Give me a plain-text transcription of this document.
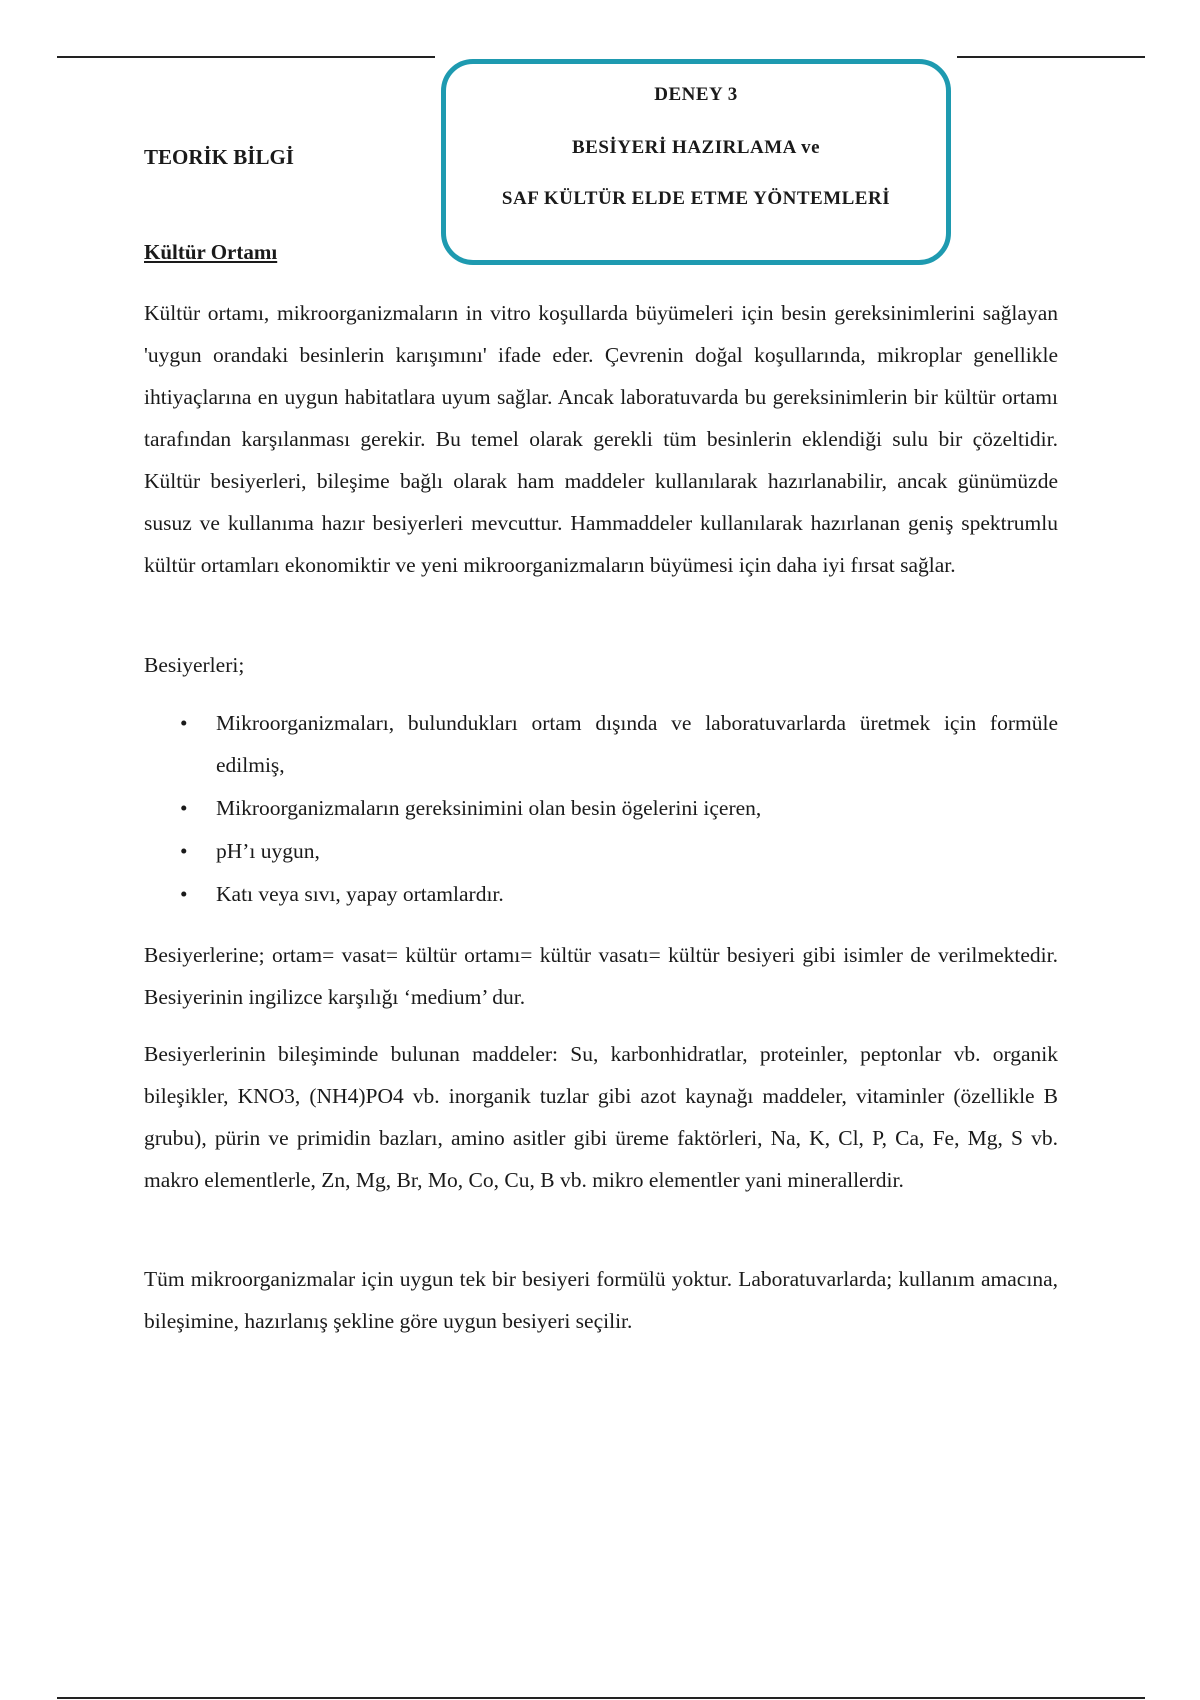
DENEY 3
BESİYERİ HAZIRLAMA ve
SAF KÜLTÜR ELDE ETME YÖNTEMLERİ
TEORİK BİLGİ
Kültür Ortamı
Kültür ortamı, mikroorganizmaların in vitro koşullarda büyümeleri için besin gereksinimlerini sağlayan 'uygun orandaki besinlerin karışımını' ifade eder. Çevrenin doğal koşullarında, mikroplar genellikle ihtiyaçlarına en uygun habitatlara uyum sağlar. Ancak laboratuvarda bu gereksinimlerin bir kültür ortamı tarafından karşılanması gerekir. Bu temel olarak gerekli tüm besinlerin eklendiği sulu bir çözeltidir. Kültür besiyerleri, bileşime bağlı olarak ham maddeler kullanılarak hazırlanabilir, ancak günümüzde susuz ve kullanıma hazır besiyerleri mevcuttur. Hammaddeler kullanılarak hazırlanan geniş spektrumlu kültür ortamları ekonomiktir ve yeni mikroorganizmaların büyümesi için daha iyi fırsat sağlar.
Besiyerleri;
• Mikroorganizmaları, bulundukları ortam dışında ve laboratuvarlarda üretmek için formüle edilmiş,
• Mikroorganizmaların gereksinimini olan besin ögelerini içeren,
• pH’ı uygun,
• Katı veya sıvı, yapay ortamlardır.
Besiyerlerine; ortam= vasat= kültür ortamı= kültür vasatı= kültür besiyeri gibi isimler de verilmektedir. Besiyerinin ingilizce karşılığı ‘medium’ dur.
Besiyerlerinin bileşiminde bulunan maddeler: Su, karbonhidratlar, proteinler, peptonlar vb. organik bileşikler, KNO3, (NH4)PO4 vb. inorganik tuzlar gibi azot kaynağı maddeler, vitaminler (özellikle B grubu), pürin ve primidin bazları, amino asitler gibi üreme faktörleri, Na, K, Cl, P, Ca, Fe, Mg, S vb. makro elementlerle, Zn, Mg, Br, Mo, Co, Cu, B vb. mikro elementler yani minerallerdir.
Tüm mikroorganizmalar için uygun tek bir besiyeri formülü yoktur. Laboratuvarlarda; kullanım amacına, bileşimine, hazırlanış şekline göre uygun besiyeri seçilir.
